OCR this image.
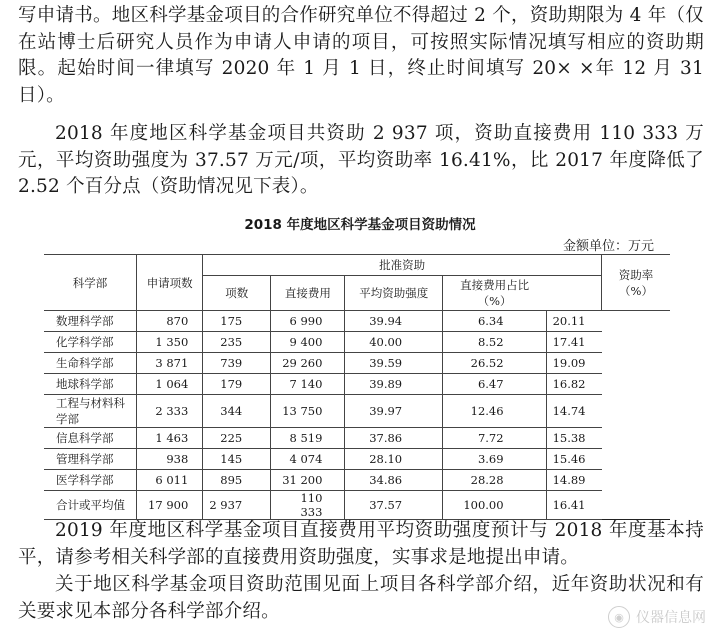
写申请书。地区科学基金项目的合作研究单位不得超过 2 个，资助期限为 4 年（仅在站博士后研究人员作为申请人申请的项目，可按照实际情况填写相应的资助期限。起始时间一律填写 2020 年 1 月 1 日，终止时间填写 20× ×年 12 月 31 日）。

2018 年度地区科学基金项目共资助 2 937 项，资助直接费用 110 333 万元，平均资助强度为 37.57 万元/项，平均资助率 16.41%，比 2017 年度降低了 2.52 个百分点（资助情况见下表）。

2018 年度地区科学基金项目资助情况
金额单位：万元
科学部	申请项数	批准资助					资助率
（%）

		项数	直接费用	平均资助强度	直接费用占比
（%）		

数理科学部	870	175	6 990	39.94	6.34	20.11	
化学科学部	1 350	235	9 400	40.00	8.52	17.41	
生命科学部	3 871	739	29 260	39.59	26.52	19.09	
地球科学部	1 064	179	7 140	39.89	6.47	16.82	
工程与材料科学部	2 333	344	13 750	39.97	12.46	14.74	
信息科学部	1 463	225	8 519	37.86	7.72	15.38	
管理科学部	938	145	4 074	28.10	3.69	15.46	
医学科学部	6 011	895	31 200	34.86	28.28	14.89	
合计或平均值	17 900	2 937	110 333	37.57	100.00	16.41	

2019 年度地区科学基金项目直接费用平均资助强度预计与 2018 年度基本持平，请参考相关科学部的直接费用资助强度，实事求是地提出申请。

关于地区科学基金项目资助范围见面上项目各科学部介绍，近年资助状况和有关要求见本部分各科学部介绍。	◉ 仪器信息网
